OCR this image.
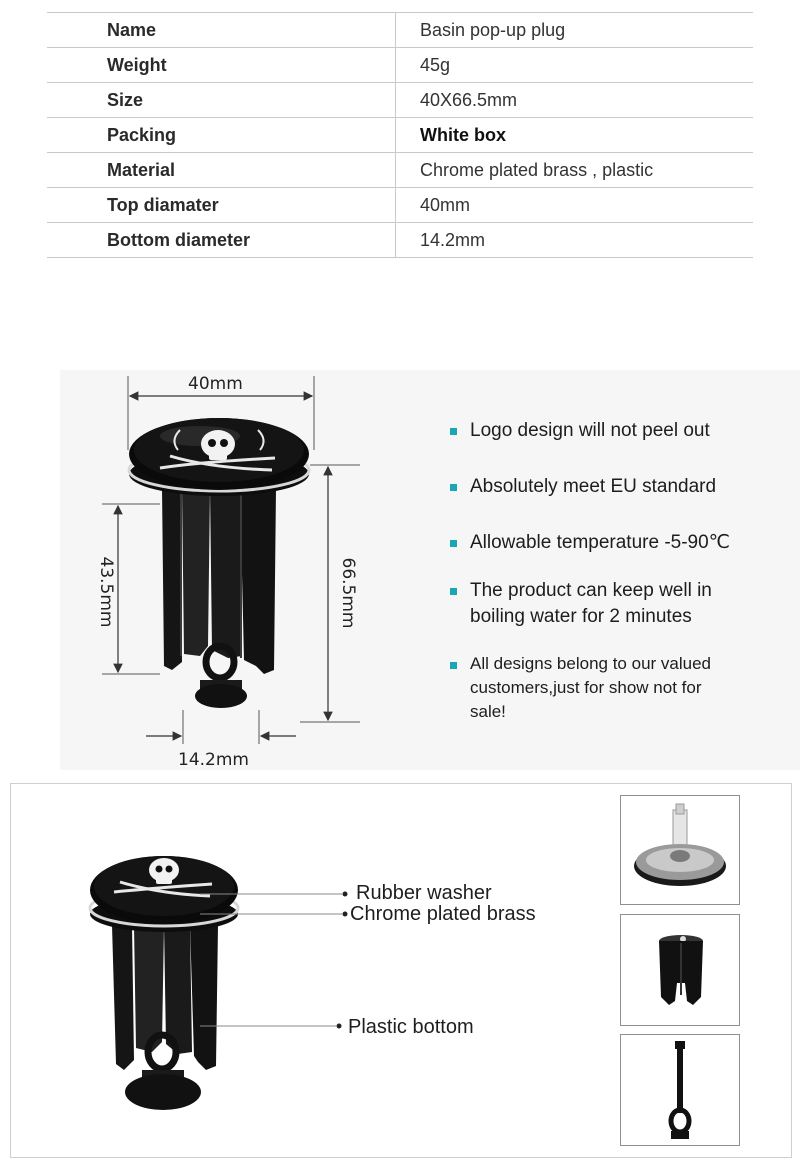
Name	Basin pop-up plug
Weight	45g
Size	40X66.5mm
Packing	White box
Material	Chrome plated brass , plastic
Top diamater	40mm
Bottom diameter	14.2mm
40mm
43.5mm	66.5mm
14.2mm
Logo design will not peel out
Absolutely meet EU standard
Allowable temperature -5-90℃
The product can keep well in
boiling water for 2 minutes
All designs belong to our valued
customers,just for show not for
sale!
Rubber washer
Chrome plated brass
Plastic bottom
